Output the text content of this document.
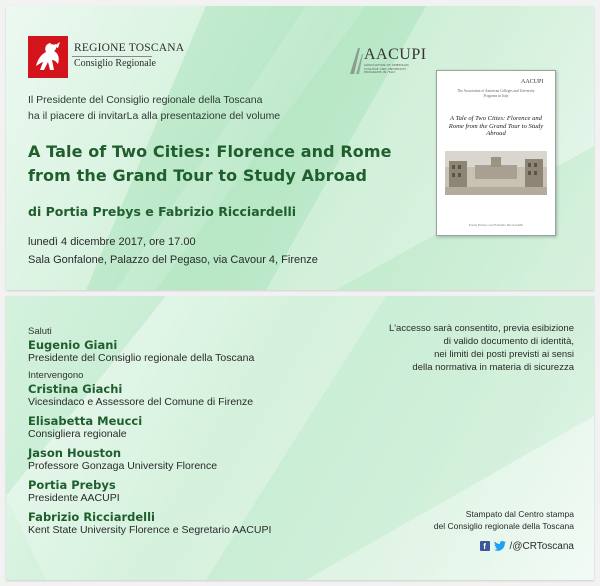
REGIONE TOSCANA
Consiglio Regionale
AACUPI
ASSOCIATION OF AMERICAN COLLEGE AND UNIVERSITY PROGRAMS IN ITALY
Il Presidente del Consiglio regionale della Toscana
ha il piacere di invitarLa alla presentazione del volume
A Tale of Two Cities: Florence and Rome from the Grand Tour to Study Abroad
di Portia Prebys e Fabrizio Ricciardelli
lunedì 4 dicembre 2017, ore 17.00
Sala Gonfalone, Palazzo del Pegaso, via Cavour 4, Firenze
AACUPI
The Association of American Colleges and University Programs in Italy
A Tale of Two Cities: Florence and Rome from the Grand Tour to Study Abroad
Portia Prebys and Fabrizio Ricciardelli
Saluti
Eugenio Giani
Presidente del Consiglio regionale della Toscana
Intervengono
Cristina Giachi
Vicesindaco e Assessore del Comune di Firenze
Elisabetta Meucci
Consigliera regionale
Jason Houston
Professore Gonzaga University Florence
Portia Prebys
Presidente AACUPI
Fabrizio Ricciardelli
Kent State University Florence e Segretario AACUPI
L'accesso sarà consentito, previa esibizione
di valido documento di identità,
nei limiti dei posti previsti ai sensi
della normativa in materia di sicurezza
Stampato dal Centro stampa
del Consiglio regionale della Toscana
f	/@CRToscana
